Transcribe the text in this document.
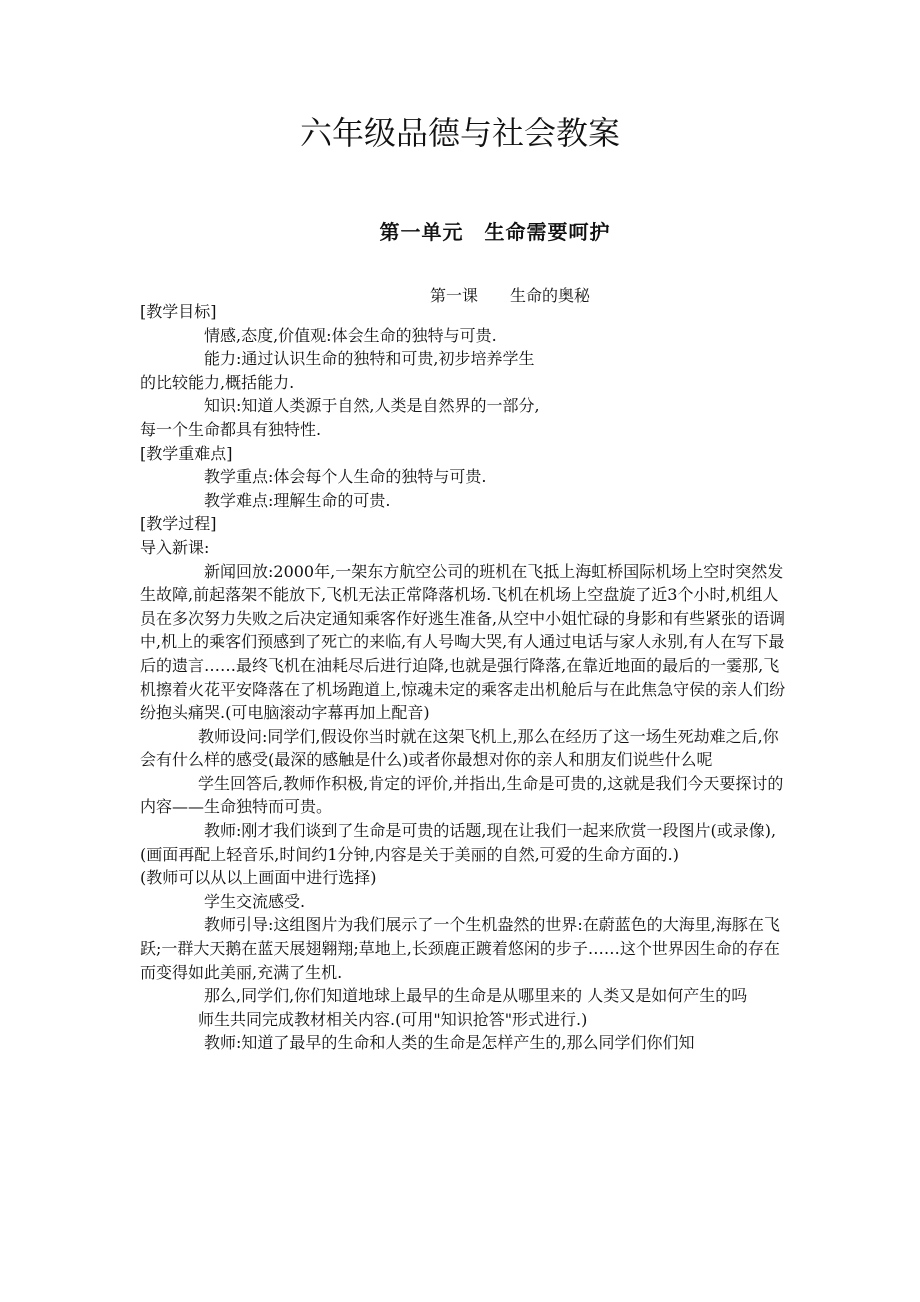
六年级品德与社会教案
第一单元　生命需要呵护
第一课　　生命的奥秘

[教学目标]

情感,态度,价值观:体会生命的独特与可贵.

能力:通过认识生命的独特和可贵,初步培养学生

的比较能力,概括能力.

知识:知道人类源于自然,人类是自然界的一部分,

每一个生命都具有独特性.

[教学重难点]

教学重点:体会每个人生命的独特与可贵.

教学难点:理解生命的可贵.

[教学过程]

导入新课:

新闻回放:2000年,一架东方航空公司的班机在飞抵上海虹桥国际机场上空时突然发生故障,前起落架不能放下,飞机无法正常降落机场.飞机在机场上空盘旋了近3个小时,机组人员在多次努力失败之后决定通知乘客作好逃生准备,从空中小姐忙碌的身影和有些紧张的语调中,机上的乘客们预感到了死亡的来临,有人号啕大哭,有人通过电话与家人永别,有人在写下最后的遗言……最终飞机在油耗尽后进行迫降,也就是强行降落,在靠近地面的最后的一霎那,飞机擦着火花平安降落在了机场跑道上,惊魂未定的乘客走出机舱后与在此焦急守侯的亲人们纷纷抱头痛哭.(可电脑滚动字幕再加上配音)

教师设问:同学们,假设你当时就在这架飞机上,那么在经历了这一场生死劫难之后,你会有什么样的感受(最深的感触是什么)或者你最想对你的亲人和朋友们说些什么呢

学生回答后,教师作积极,肯定的评价,并指出,生命是可贵的,这就是我们今天要探讨的内容——生命独特而可贵。

教师:刚才我们谈到了生命是可贵的话题,现在让我们一起来欣赏一段图片(或录像),(画面再配上轻音乐,时间约1分钟,内容是关于美丽的自然,可爱的生命方面的.)

(教师可以从以上画面中进行选择)

学生交流感受.

教师引导:这组图片为我们展示了一个生机盎然的世界:在蔚蓝色的大海里,海豚在飞跃;一群大天鹅在蓝天展翅翱翔;草地上,长颈鹿正踱着悠闲的步子……这个世界因生命的存在而变得如此美丽,充满了生机.

那么,同学们,你们知道地球上最早的生命是从哪里来的 人类又是如何产生的吗

师生共同完成教材相关内容.(可用"知识抢答"形式进行.)

教师:知道了最早的生命和人类的生命是怎样产生的,那么同学们你们知
